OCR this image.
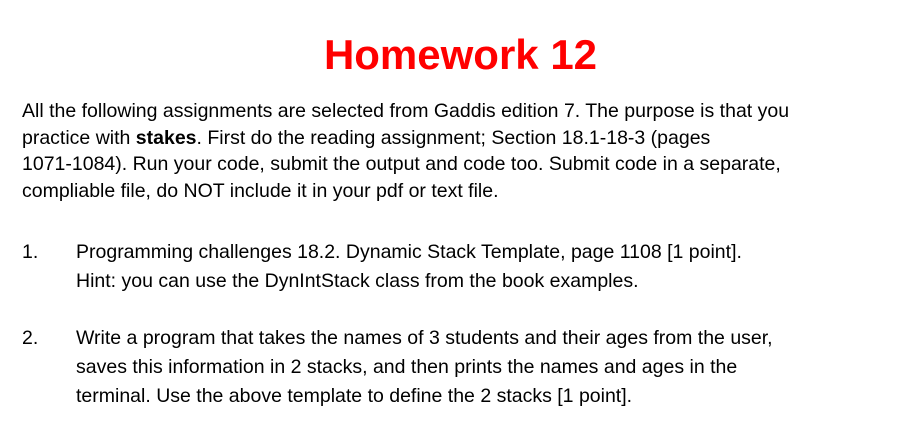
Homework 12
All the following assignments are selected from Gaddis edition 7. The purpose is that you
practice with stakes. First do the reading assignment; Section 18.1-18-3 (pages
1071-1084). Run your code, submit the output and code too. Submit code in a separate,
compliable file, do NOT include it in your pdf or text file.
1. Programming challenges 18.2. Dynamic Stack Template, page 1108 [1 point].
Hint: you can use the DynIntStack class from the book examples.
2. Write a program that takes the names of 3 students and their ages from the user,
saves this information in 2 stacks, and then prints the names and ages in the
terminal. Use the above template to define the 2 stacks [1 point].
